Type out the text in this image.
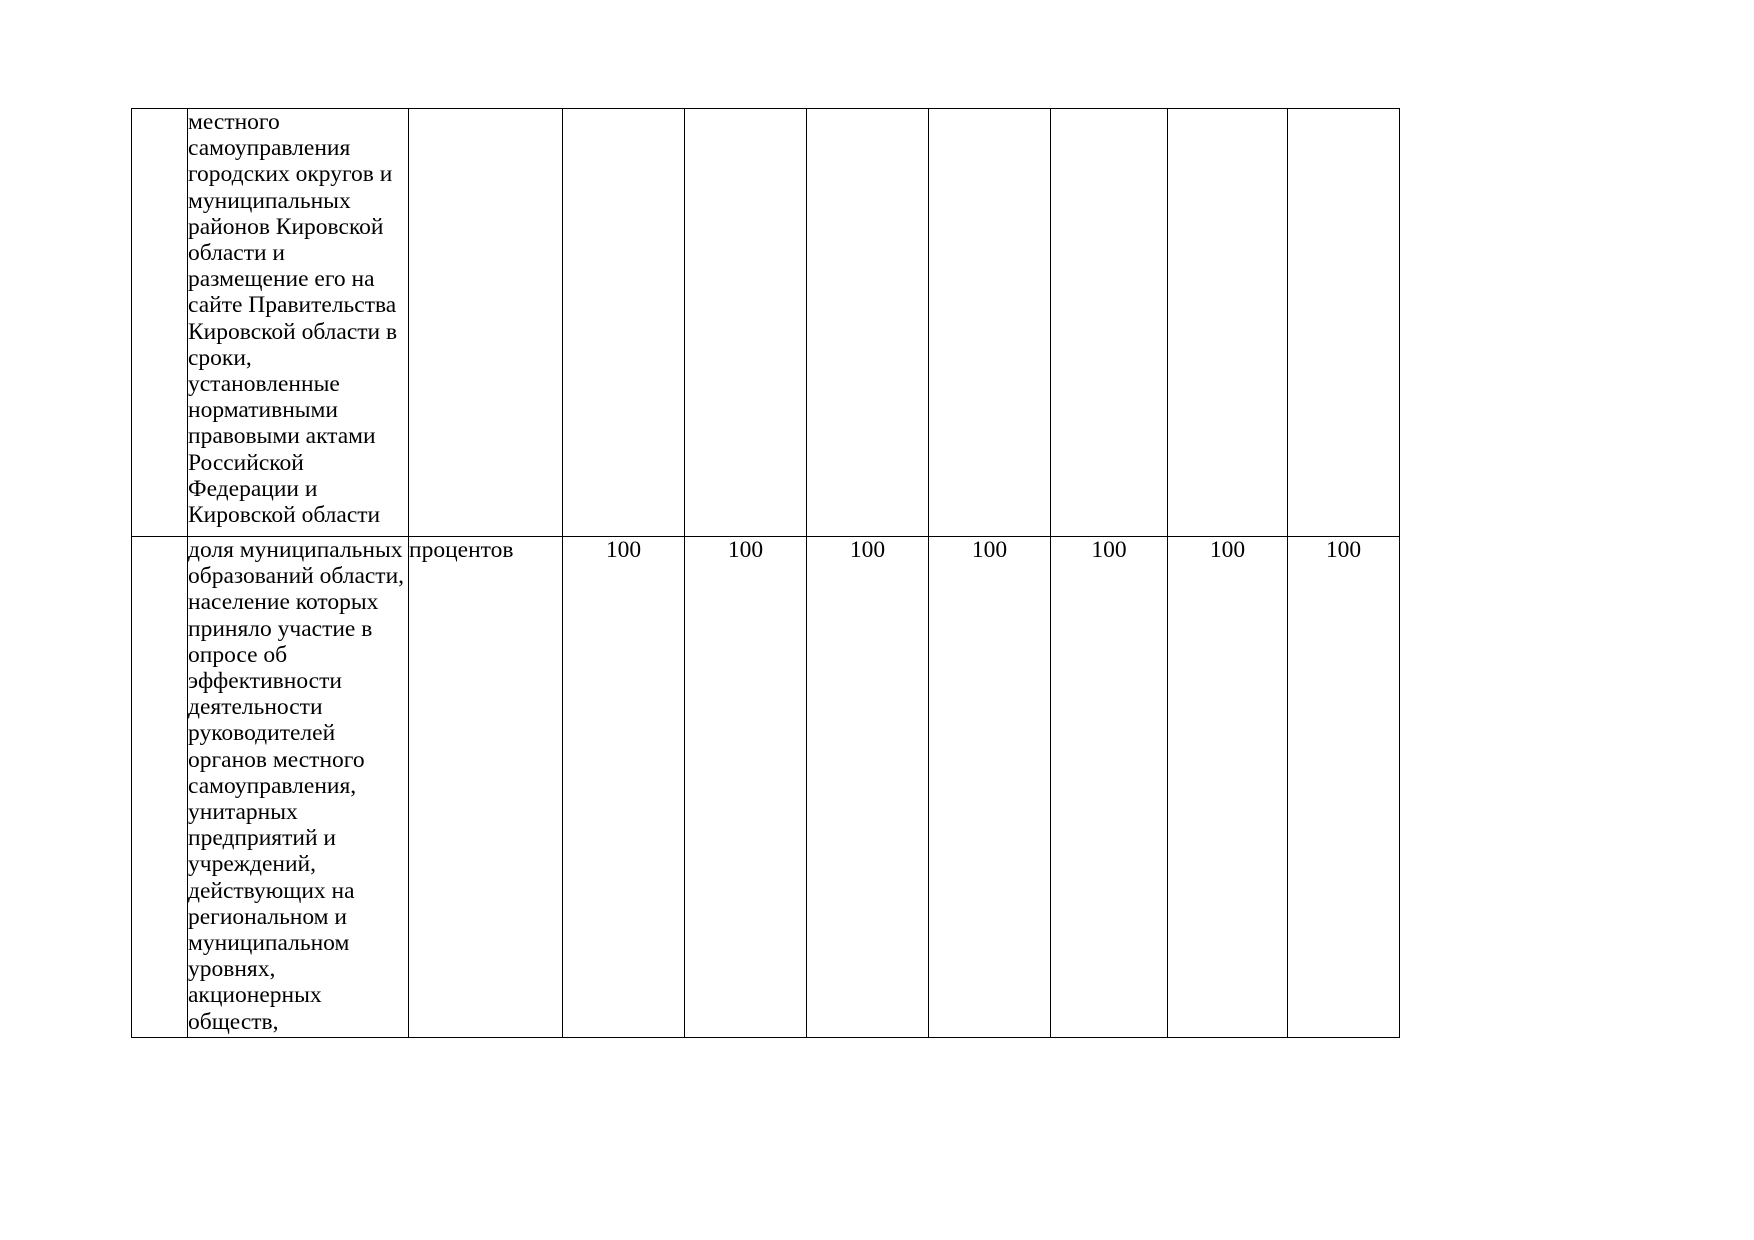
	местного самоуправления городских округов и муниципальных районов Кировской области и размещение его на сайте Правительства Кировской области в сроки, установленные нормативными правовыми актами Российской Федерации и Кировской области								

	доля муниципальных образований области, население которых приняло участие в опросе об эффективности деятельности руководителей органов местного самоуправления, унитарных предприятий и учреждений, действующих на региональном и муниципальном уровнях, акционерных обществ,	процентов	100	100	100	100	100	100	100
